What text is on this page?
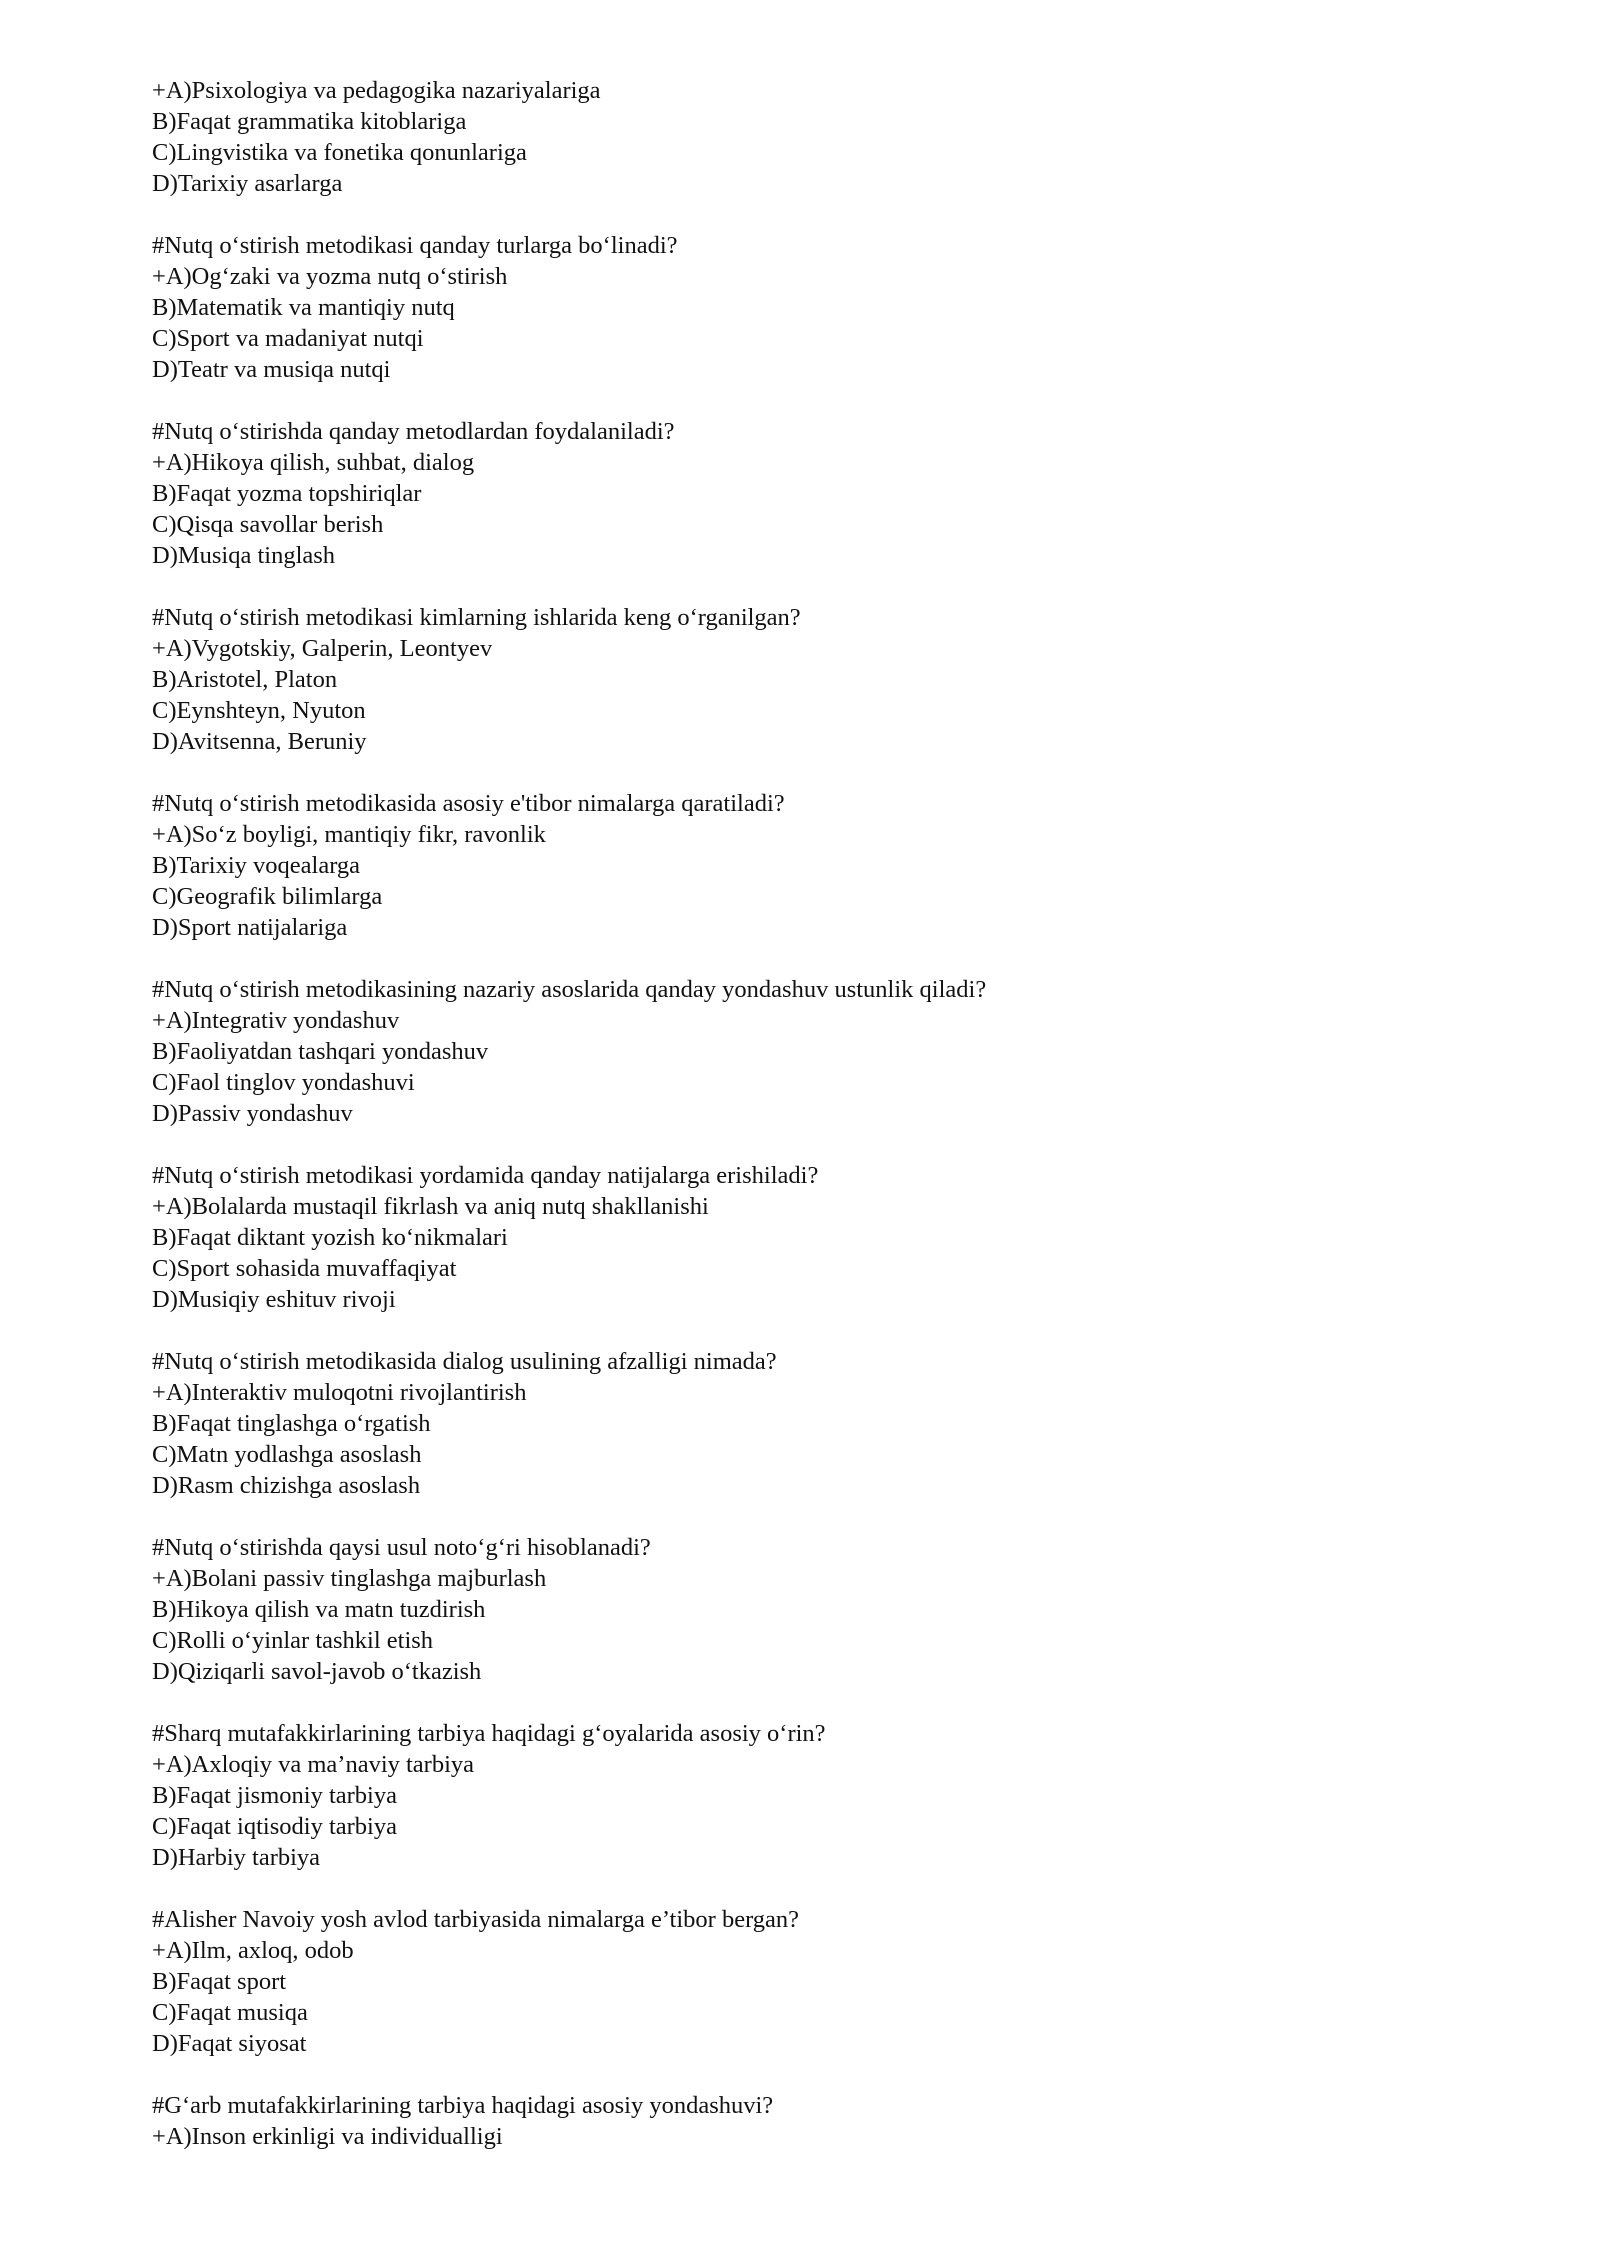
+A)Psixologiya va pedagogika nazariyalariga
B)Faqat grammatika kitoblariga
C)Lingvistika va fonetika qonunlariga
D)Tarixiy asarlarga
#Nutq o‘stirish metodikasi qanday turlarga bo‘linadi?
+A)Og‘zaki va yozma nutq o‘stirish
B)Matematik va mantiqiy nutq
C)Sport va madaniyat nutqi
D)Teatr va musiqa nutqi
#Nutq o‘stirishda qanday metodlardan foydalaniladi?
+A)Hikoya qilish, suhbat, dialog
B)Faqat yozma topshiriqlar
C)Qisqa savollar berish
D)Musiqa tinglash
#Nutq o‘stirish metodikasi kimlarning ishlarida keng o‘rganilgan?
+A)Vygotskiy, Galperin, Leontyev
B)Aristotel, Platon
C)Eynshteyn, Nyuton
D)Avitsenna, Beruniy
#Nutq o‘stirish metodikasida asosiy e'tibor nimalarga qaratiladi?
+A)So‘z boyligi, mantiqiy fikr, ravonlik
B)Tarixiy voqealarga
C)Geografik bilimlarga
D)Sport natijalariga
#Nutq o‘stirish metodikasining nazariy asoslarida qanday yondashuv ustunlik qiladi?
+A)Integrativ yondashuv
B)Faoliyatdan tashqari yondashuv
C)Faol tinglov yondashuvi
D)Passiv yondashuv
#Nutq o‘stirish metodikasi yordamida qanday natijalarga erishiladi?
+A)Bolalarda mustaqil fikrlash va aniq nutq shakllanishi
B)Faqat diktant yozish ko‘nikmalari
C)Sport sohasida muvaffaqiyat
D)Musiqiy eshituv rivoji
#Nutq o‘stirish metodikasida dialog usulining afzalligi nimada?
+A)Interaktiv muloqotni rivojlantirish
B)Faqat tinglashga o‘rgatish
C)Matn yodlashga asoslash
D)Rasm chizishga asoslash
#Nutq o‘stirishda qaysi usul noto‘g‘ri hisoblanadi?
+A)Bolani passiv tinglashga majburlash
B)Hikoya qilish va matn tuzdirish
C)Rolli o‘yinlar tashkil etish
D)Qiziqarli savol-javob o‘tkazish
#Sharq mutafakkirlarining tarbiya haqidagi g‘oyalarida asosiy o‘rin?
+A)Axloqiy va ma’naviy tarbiya
B)Faqat jismoniy tarbiya
C)Faqat iqtisodiy tarbiya
D)Harbiy tarbiya
#Alisher Navoiy yosh avlod tarbiyasida nimalarga e’tibor bergan?
+A)Ilm, axloq, odob
B)Faqat sport
C)Faqat musiqa
D)Faqat siyosat
#G‘arb mutafakkirlarining tarbiya haqidagi asosiy yondashuvi?
+A)Inson erkinligi va individualligi
